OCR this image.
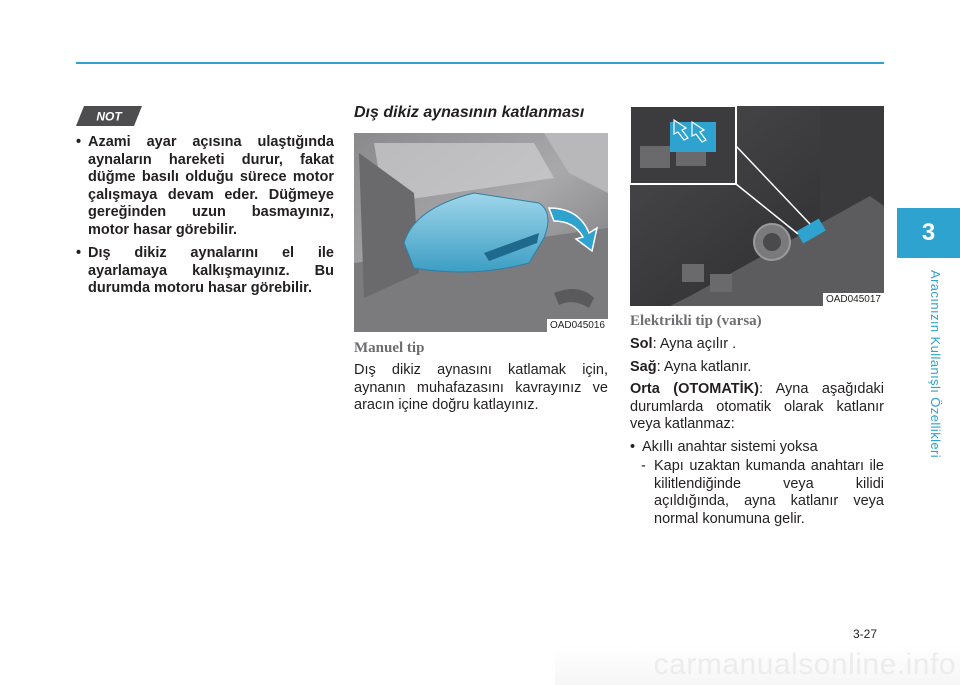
3
Aracınızın Kullanışlı Özellikleri
NOT
• Azami ayar açısına ulaştığında aynaların hareketi durur, fakat düğme basılı olduğu sürece motor çalışmaya devam eder. Düğmeye gereğinden uzun basmayınız, motor hasar görebilir.
• Dış dikiz aynalarını el ile ayarlamaya kalkışmayınız. Bu durumda motoru hasar görebilir.
Dış dikiz aynasının katlanması
OAD045016
Manuel tip
Dış dikiz aynasını katlamak için, aynanın muhafazasını kavrayınız ve aracın içine doğru katlayınız.
OAD045017
Elektrikli tip (varsa)

Sol: Ayna açılır .

Sağ: Ayna katlanır.

Orta (OTOMATİK): Ayna aşağıdaki durumlarda otomatik olarak katlanır veya katlanmaz:

• Akıllı anahtar sistemi yoksa
- Kapı uzaktan kumanda anahtarı ile kilitlendiğinde veya kilidi açıldığında, ayna katlanır veya normal konumuna gelir.
3-27
carmanualsonline.info
